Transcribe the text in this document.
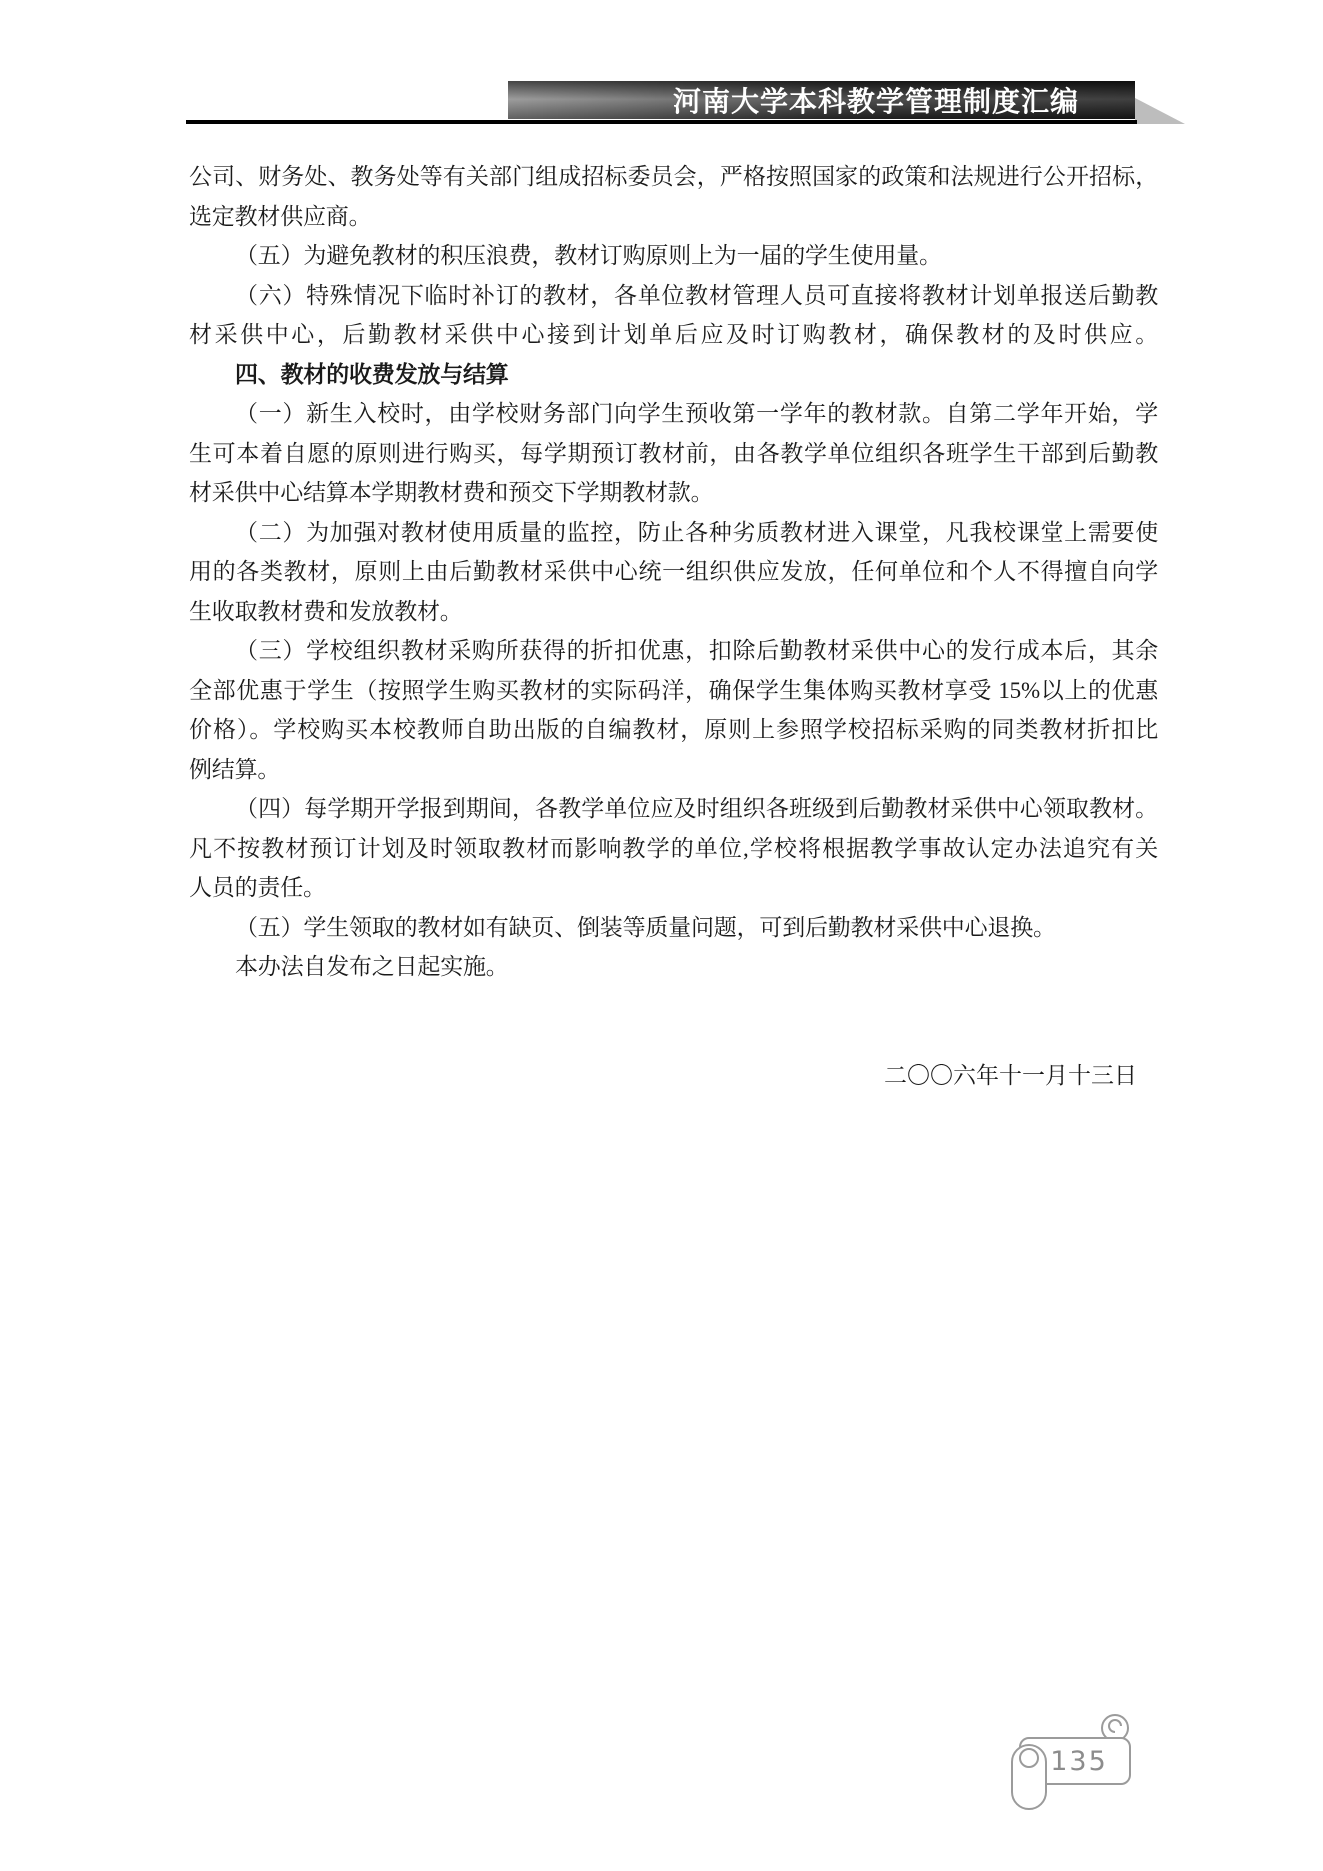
河南大学本科教学管理制度汇编
公司、财务处、教务处等有关部门组成招标委员会，严格按照国家的政策和法规进行公开招标，
选定教材供应商。
（五）为避免教材的积压浪费，教材订购原则上为一届的学生使用量。
（六）特殊情况下临时补订的教材，各单位教材管理人员可直接将教材计划单报送后勤教
材采供中心，后勤教材采供中心接到计划单后应及时订购教材，确保教材的及时供应。
四、教材的收费发放与结算
（一）新生入校时，由学校财务部门向学生预收第一学年的教材款。自第二学年开始，学
生可本着自愿的原则进行购买，每学期预订教材前，由各教学单位组织各班学生干部到后勤教
材采供中心结算本学期教材费和预交下学期教材款。
（二）为加强对教材使用质量的监控，防止各种劣质教材进入课堂，凡我校课堂上需要使
用的各类教材，原则上由后勤教材采供中心统一组织供应发放，任何单位和个人不得擅自向学
生收取教材费和发放教材。
（三）学校组织教材采购所获得的折扣优惠，扣除后勤教材采供中心的发行成本后，其余
全部优惠于学生（按照学生购买教材的实际码洋，确保学生集体购买教材享受 15%以上的优惠
价格）。学校购买本校教师自助出版的自编教材，原则上参照学校招标采购的同类教材折扣比
例结算。
（四）每学期开学报到期间，各教学单位应及时组织各班级到后勤教材采供中心领取教材。
凡不按教材预订计划及时领取教材而影响教学的单位,学校将根据教学事故认定办法追究有关
人员的责任。
（五）学生领取的教材如有缺页、倒装等质量问题，可到后勤教材采供中心退换。
本办法自发布之日起实施。
二〇〇六年十一月十三日
135
